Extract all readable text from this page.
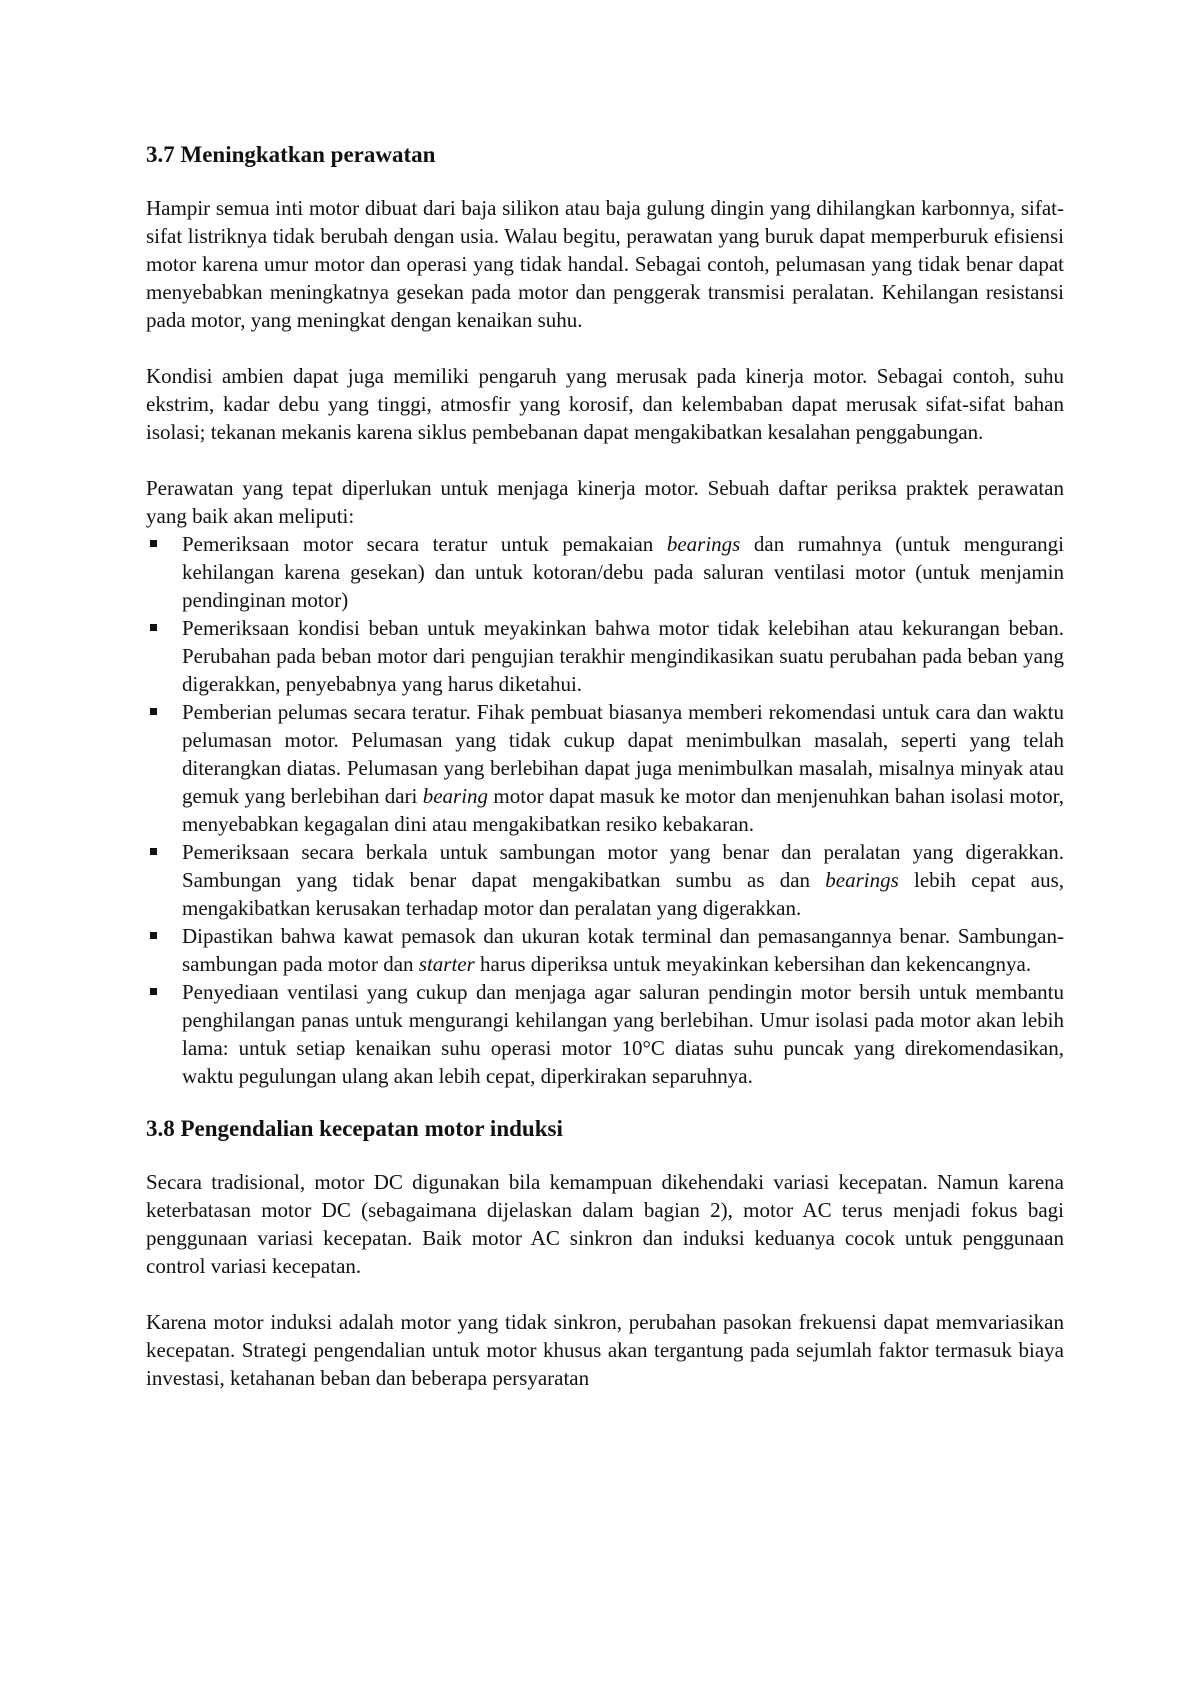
3.7 Meningkatkan perawatan

Hampir semua inti motor dibuat dari baja silikon atau baja gulung dingin yang dihilangkan karbonnya, sifat-sifat listriknya tidak berubah dengan usia. Walau begitu, perawatan yang buruk dapat memperburuk efisiensi motor karena umur motor dan operasi yang tidak handal. Sebagai contoh, pelumasan yang tidak benar dapat menyebabkan meningkatnya gesekan pada motor dan penggerak transmisi peralatan. Kehilangan resistansi pada motor, yang meningkat dengan kenaikan suhu.

Kondisi ambien dapat juga memiliki pengaruh yang merusak pada kinerja motor. Sebagai contoh, suhu ekstrim, kadar debu yang tinggi, atmosfir yang korosif, dan kelembaban dapat merusak sifat-sifat bahan isolasi; tekanan mekanis karena siklus pembebanan dapat mengakibatkan kesalahan penggabungan.

Perawatan yang tepat diperlukan untuk menjaga kinerja motor. Sebuah daftar periksa praktek perawatan yang baik akan meliputi:

Pemeriksaan motor secara teratur untuk pemakaian bearings dan rumahnya (untuk mengurangi kehilangan karena gesekan) dan untuk kotoran/debu pada saluran ventilasi motor (untuk menjamin pendinginan motor)
Pemeriksaan kondisi beban untuk meyakinkan bahwa motor tidak kelebihan atau kekurangan beban. Perubahan pada beban motor dari pengujian terakhir mengindikasikan suatu perubahan pada beban yang digerakkan, penyebabnya yang harus diketahui.
Pemberian pelumas secara teratur. Fihak pembuat biasanya memberi rekomendasi untuk cara dan waktu pelumasan motor. Pelumasan yang tidak cukup dapat menimbulkan masalah, seperti yang telah diterangkan diatas. Pelumasan yang berlebihan dapat juga menimbulkan masalah, misalnya minyak atau gemuk yang berlebihan dari bearing motor dapat masuk ke motor dan menjenuhkan bahan isolasi motor, menyebabkan kegagalan dini atau mengakibatkan resiko kebakaran.
Pemeriksaan secara berkala untuk sambungan motor yang benar dan peralatan yang digerakkan. Sambungan yang tidak benar dapat mengakibatkan sumbu as dan bearings lebih cepat aus, mengakibatkan kerusakan terhadap motor dan peralatan yang digerakkan.
Dipastikan bahwa kawat pemasok dan ukuran kotak terminal dan pemasangannya benar. Sambungan-sambungan pada motor dan starter harus diperiksa untuk meyakinkan kebersihan dan kekencangnya.
Penyediaan ventilasi yang cukup dan menjaga agar saluran pendingin motor bersih untuk membantu penghilangan panas untuk mengurangi kehilangan yang berlebihan. Umur isolasi pada motor akan lebih lama: untuk setiap kenaikan suhu operasi motor 10°C diatas suhu puncak yang direkomendasikan, waktu pegulungan ulang akan lebih cepat, diperkirakan separuhnya.
3.8 Pengendalian kecepatan motor induksi

Secara tradisional, motor DC digunakan bila kemampuan dikehendaki variasi kecepatan. Namun karena keterbatasan motor DC (sebagaimana dijelaskan dalam bagian 2), motor AC terus menjadi fokus bagi penggunaan variasi kecepatan. Baik motor AC sinkron dan induksi keduanya cocok untuk penggunaan control variasi kecepatan.

Karena motor induksi adalah motor yang tidak sinkron, perubahan pasokan frekuensi dapat memvariasikan kecepatan. Strategi pengendalian untuk motor khusus akan tergantung pada sejumlah faktor termasuk biaya investasi, ketahanan beban dan beberapa persyaratan
